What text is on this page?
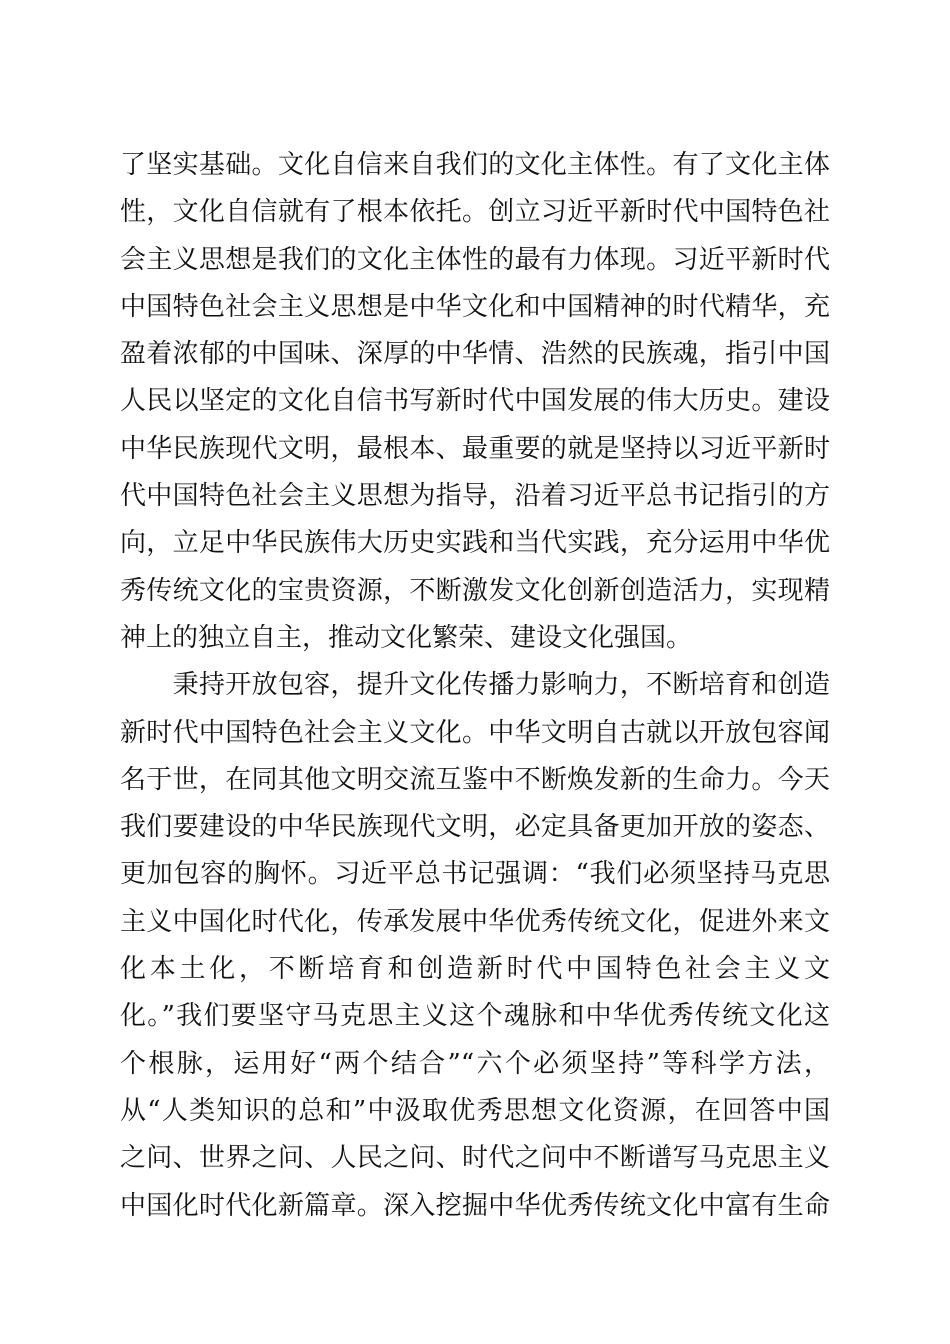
了坚实基础。文化自信来自我们的文化主体性。有了文化主体
性，文化自信就有了根本依托。创立习近平新时代中国特色社
会主义思想是我们的文化主体性的最有力体现。习近平新时代
中国特色社会主义思想是中华文化和中国精神的时代精华，充
盈着浓郁的中国味、深厚的中华情、浩然的民族魂，指引中国
人民以坚定的文化自信书写新时代中国发展的伟大历史。建设
中华民族现代文明，最根本、最重要的就是坚持以习近平新时
代中国特色社会主义思想为指导，沿着习近平总书记指引的方
向，立足中华民族伟大历史实践和当代实践，充分运用中华优
秀传统文化的宝贵资源，不断激发文化创新创造活力，实现精
神上的独立自主，推动文化繁荣、建设文化强国。
　　秉持开放包容，提升文化传播力影响力，不断培育和创造
新时代中国特色社会主义文化。中华文明自古就以开放包容闻
名于世，在同其他文明交流互鉴中不断焕发新的生命力。今天
我们要建设的中华民族现代文明，必定具备更加开放的姿态、
更加包容的胸怀。习近平总书记强调：“我们必须坚持马克思
主义中国化时代化，传承发展中华优秀传统文化，促进外来文
化本土化，不断培育和创造新时代中国特色社会主义文
化。”我们要坚守马克思主义这个魂脉和中华优秀传统文化这
个根脉，运用好“两个结合”“六个必须坚持”等科学方法，
从“人类知识的总和”中汲取优秀思想文化资源，在回答中国
之问、世界之问、人民之问、时代之问中不断谱写马克思主义
中国化时代化新篇章。深入挖掘中华优秀传统文化中富有生命
